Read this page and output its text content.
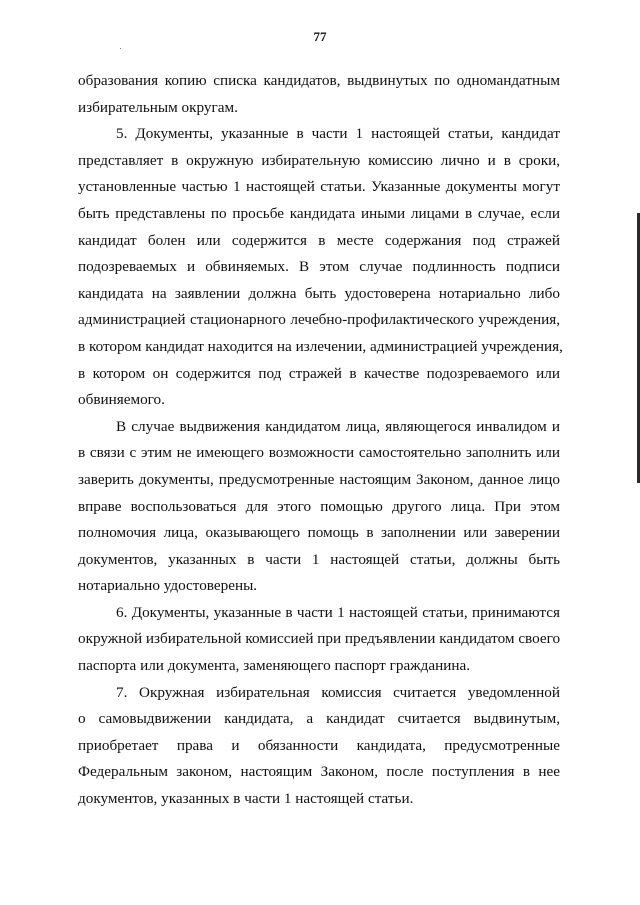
77
образования копию списка кандидатов, выдвинутых по одномандатным
избирательным округам.
5. Документы, указанные в части 1 настоящей статьи, кандидат
представляет в окружную избирательную комиссию лично и в сроки,
установленные частью 1 настоящей статьи. Указанные документы могут
быть представлены по просьбе кандидата иными лицами в случае, если
кандидат болен или содержится в месте содержания под стражей
подозреваемых и обвиняемых. В этом случае подлинность подписи
кандидата на заявлении должна быть удостоверена нотариально либо
администрацией стационарного лечебно-профилактического учреждения,
в котором кандидат находится на излечении, администрацией учреждения,
в котором он содержится под стражей в качестве подозреваемого или
обвиняемого.
В случае выдвижения кандидатом лица, являющегося инвалидом и
в связи с этим не имеющего возможности самостоятельно заполнить или
заверить документы, предусмотренные настоящим Законом, данное лицо
вправе воспользоваться для этого помощью другого лица. При этом
полномочия лица, оказывающего помощь в заполнении или заверении
документов, указанных в части 1 настоящей статьи, должны быть
нотариально удостоверены.
6. Документы, указанные в части 1 настоящей статьи, принимаются
окружной избирательной комиссией при предъявлении кандидатом своего
паспорта или документа, заменяющего паспорт гражданина.
7. Окружная избирательная комиссия считается уведомленной
о самовыдвижении кандидата, а кандидат считается выдвинутым,
приобретает права и обязанности кандидата, предусмотренные
Федеральным законом, настоящим Законом, после поступления в нее
документов, указанных в части 1 настоящей статьи.
